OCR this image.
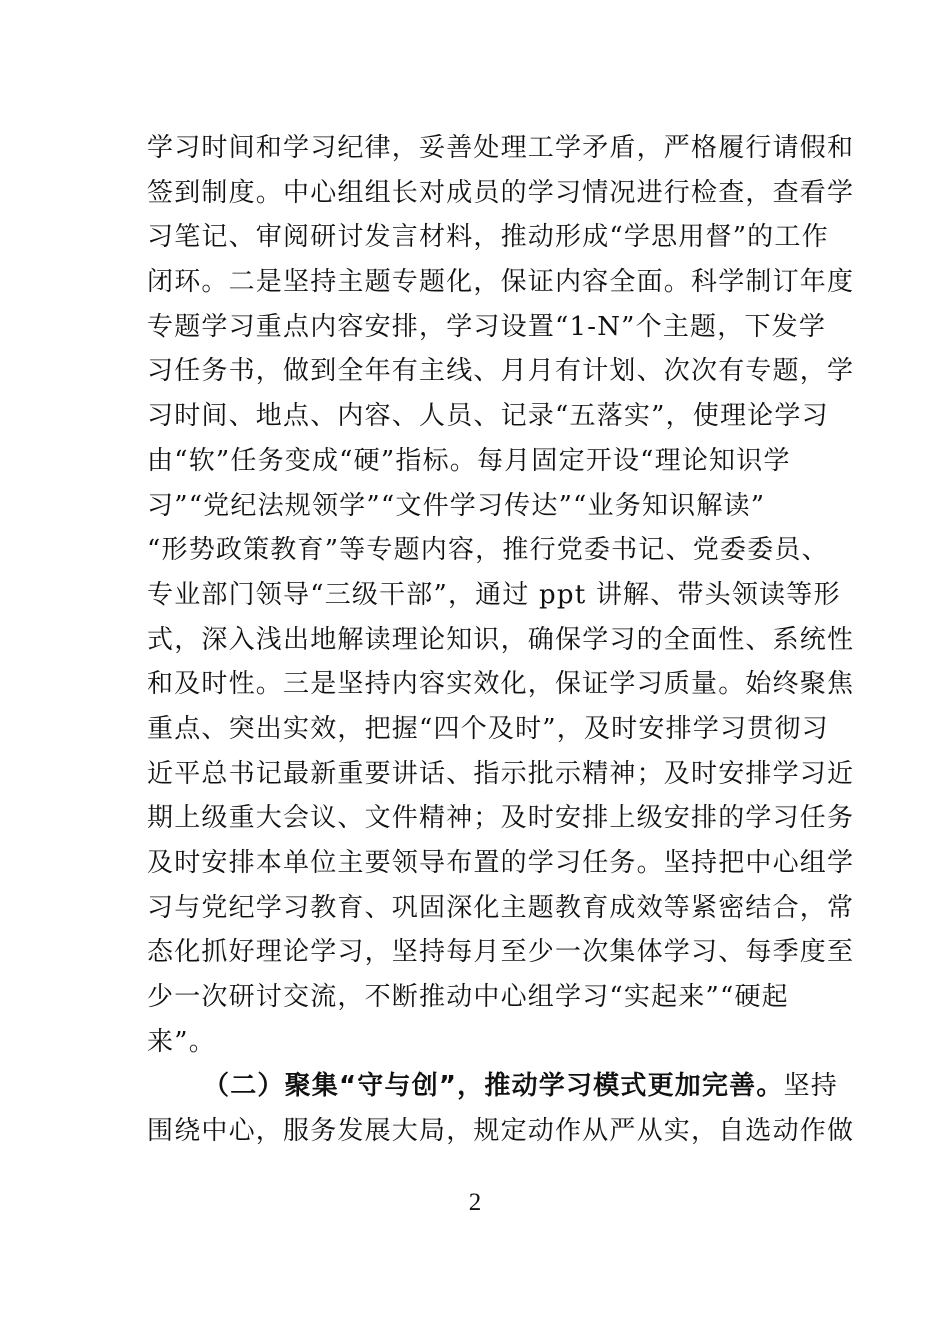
学习时间和学习纪律，妥善处理工学矛盾，严格履行请假和
签到制度。中心组组长对成员的学习情况进行检查，查看学
习笔记、审阅研讨发言材料，推动形成“学思用督”的工作
闭环。二是坚持主题专题化，保证内容全面。科学制订年度
专题学习重点内容安排，学习设置“1-N”个主题，下发学
习任务书，做到全年有主线、月月有计划、次次有专题，学
习时间、地点、内容、人员、记录“五落实”，使理论学习
由“软”任务变成“硬”指标。每月固定开设“理论知识学
习”“党纪法规领学”“文件学习传达”“业务知识解读”
“形势政策教育”等专题内容，推行党委书记、党委委员、
专业部门领导“三级干部”，通过 ppt 讲解、带头领读等形
式，深入浅出地解读理论知识，确保学习的全面性、系统性
和及时性。三是坚持内容实效化，保证学习质量。始终聚焦
重点、突出实效，把握“四个及时”，及时安排学习贯彻习
近平总书记最新重要讲话、指示批示精神；及时安排学习近
期上级重大会议、文件精神；及时安排上级安排的学习任务
及时安排本单位主要领导布置的学习任务。坚持把中心组学
习与党纪学习教育、巩固深化主题教育成效等紧密结合，常
态化抓好理论学习，坚持每月至少一次集体学习、每季度至
少一次研讨交流，不断推动中心组学习“实起来”“硬起
来”。
（二）聚集“守与创”，推动学习模式更加完善。坚持
围绕中心，服务发展大局，规定动作从严从实，自选动作做
2
